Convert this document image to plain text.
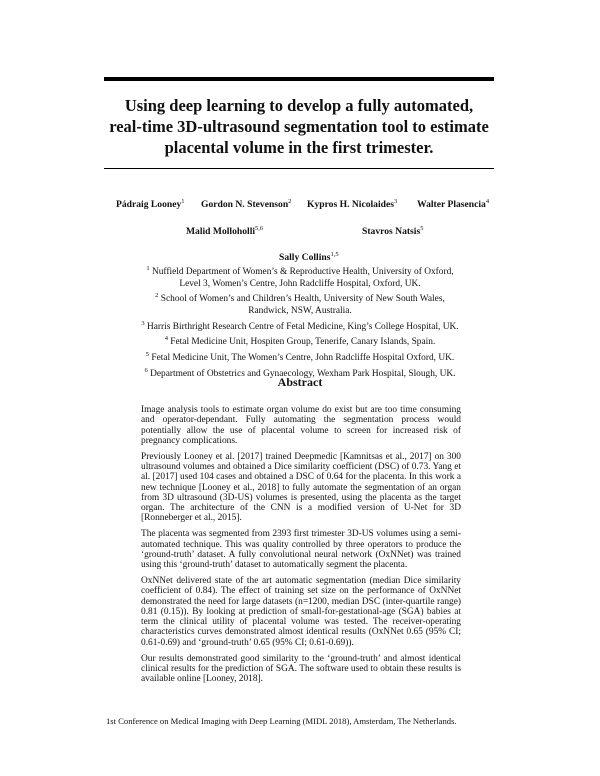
Using deep learning to develop a fully automated,
real-time 3D-ultrasound segmentation tool to estimate
placental volume in the first trimester.
Pádraig Looney$^1$ Gordon N. Stevenson$^2$ Kypros H. Nicolaides$^3$ Walter Plasencia$^4$
Malid Molloholli$^{5,6}$	Stavros Natsis$^5$
Sally Collins$^{1,5}$
$^1$ Nuffield Department of Women’s & Reproductive Health, University of Oxford,
Level 3, Women’s Centre, John Radcliffe Hospital, Oxford, UK.
$^2$ School of Women’s and Children’s Health, University of New South Wales,
Randwick, NSW, Australia.
$^3$ Harris Birthright Research Centre of Fetal Medicine, King’s College Hospital, UK.
$^4$ Fetal Medicine Unit, Hospiten Group, Tenerife, Canary Islands, Spain.
$^5$ Fetal Medicine Unit, The Women’s Centre, John Radcliffe Hospital Oxford, UK.
$^6$ Department of Obstetrics and Gynaecology, Wexham Park Hospital, Slough, UK.
Abstract

Image analysis tools to estimate organ volume do exist but are too time consuming and operator-dependant. Fully automating the segmentation process would potentially allow the use of placental volume to screen for increased risk of pregnancy complications.

Previously Looney et al. [2017] trained Deepmedic [Kamnitsas et al., 2017] on 300 ultrasound volumes and obtained a Dice similarity coefficient (DSC) of 0.73. Yang et al. [2017] used 104 cases and obtained a DSC of 0.64 for the placenta. In this work a new technique [Looney et al., 2018] to fully automate the segmentation of an organ from 3D ultrasound (3D-US) volumes is presented, using the placenta as the target organ. The architecture of the CNN is a modified version of U-Net for 3D [Ronneberger et al., 2015].

The placenta was segmented from 2393 first trimester 3D-US volumes using a semi-automated technique. This was quality controlled by three operators to produce the ‘ground-truth’ dataset. A fully convolutional neural network (OxNNet) was trained using this ‘ground-truth’ dataset to automatically segment the placenta.

OxNNet delivered state of the art automatic segmentation (median Dice similarity coefficient of 0.84). The effect of training set size on the performance of OxNNet demonstrated the need for large datasets (n=1200, median DSC (inter-quartile range) 0.81 (0.15)). By looking at prediction of small-for-gestational-age (SGA) babies at term the clinical utility of placental volume was tested. The receiver-operating characteristics curves demonstrated almost identical results (OxNNet 0.65 (95% CI; 0.61-0.69) and ‘ground-truth’ 0.65 (95% CI; 0.61-0.69)).

Our results demonstrated good similarity to the ‘ground-truth’ and almost identical clinical results for the prediction of SGA. The software used to obtain these results is available online [Looney, 2018].

1st Conference on Medical Imaging with Deep Learning (MIDL 2018), Amsterdam, The Netherlands.
